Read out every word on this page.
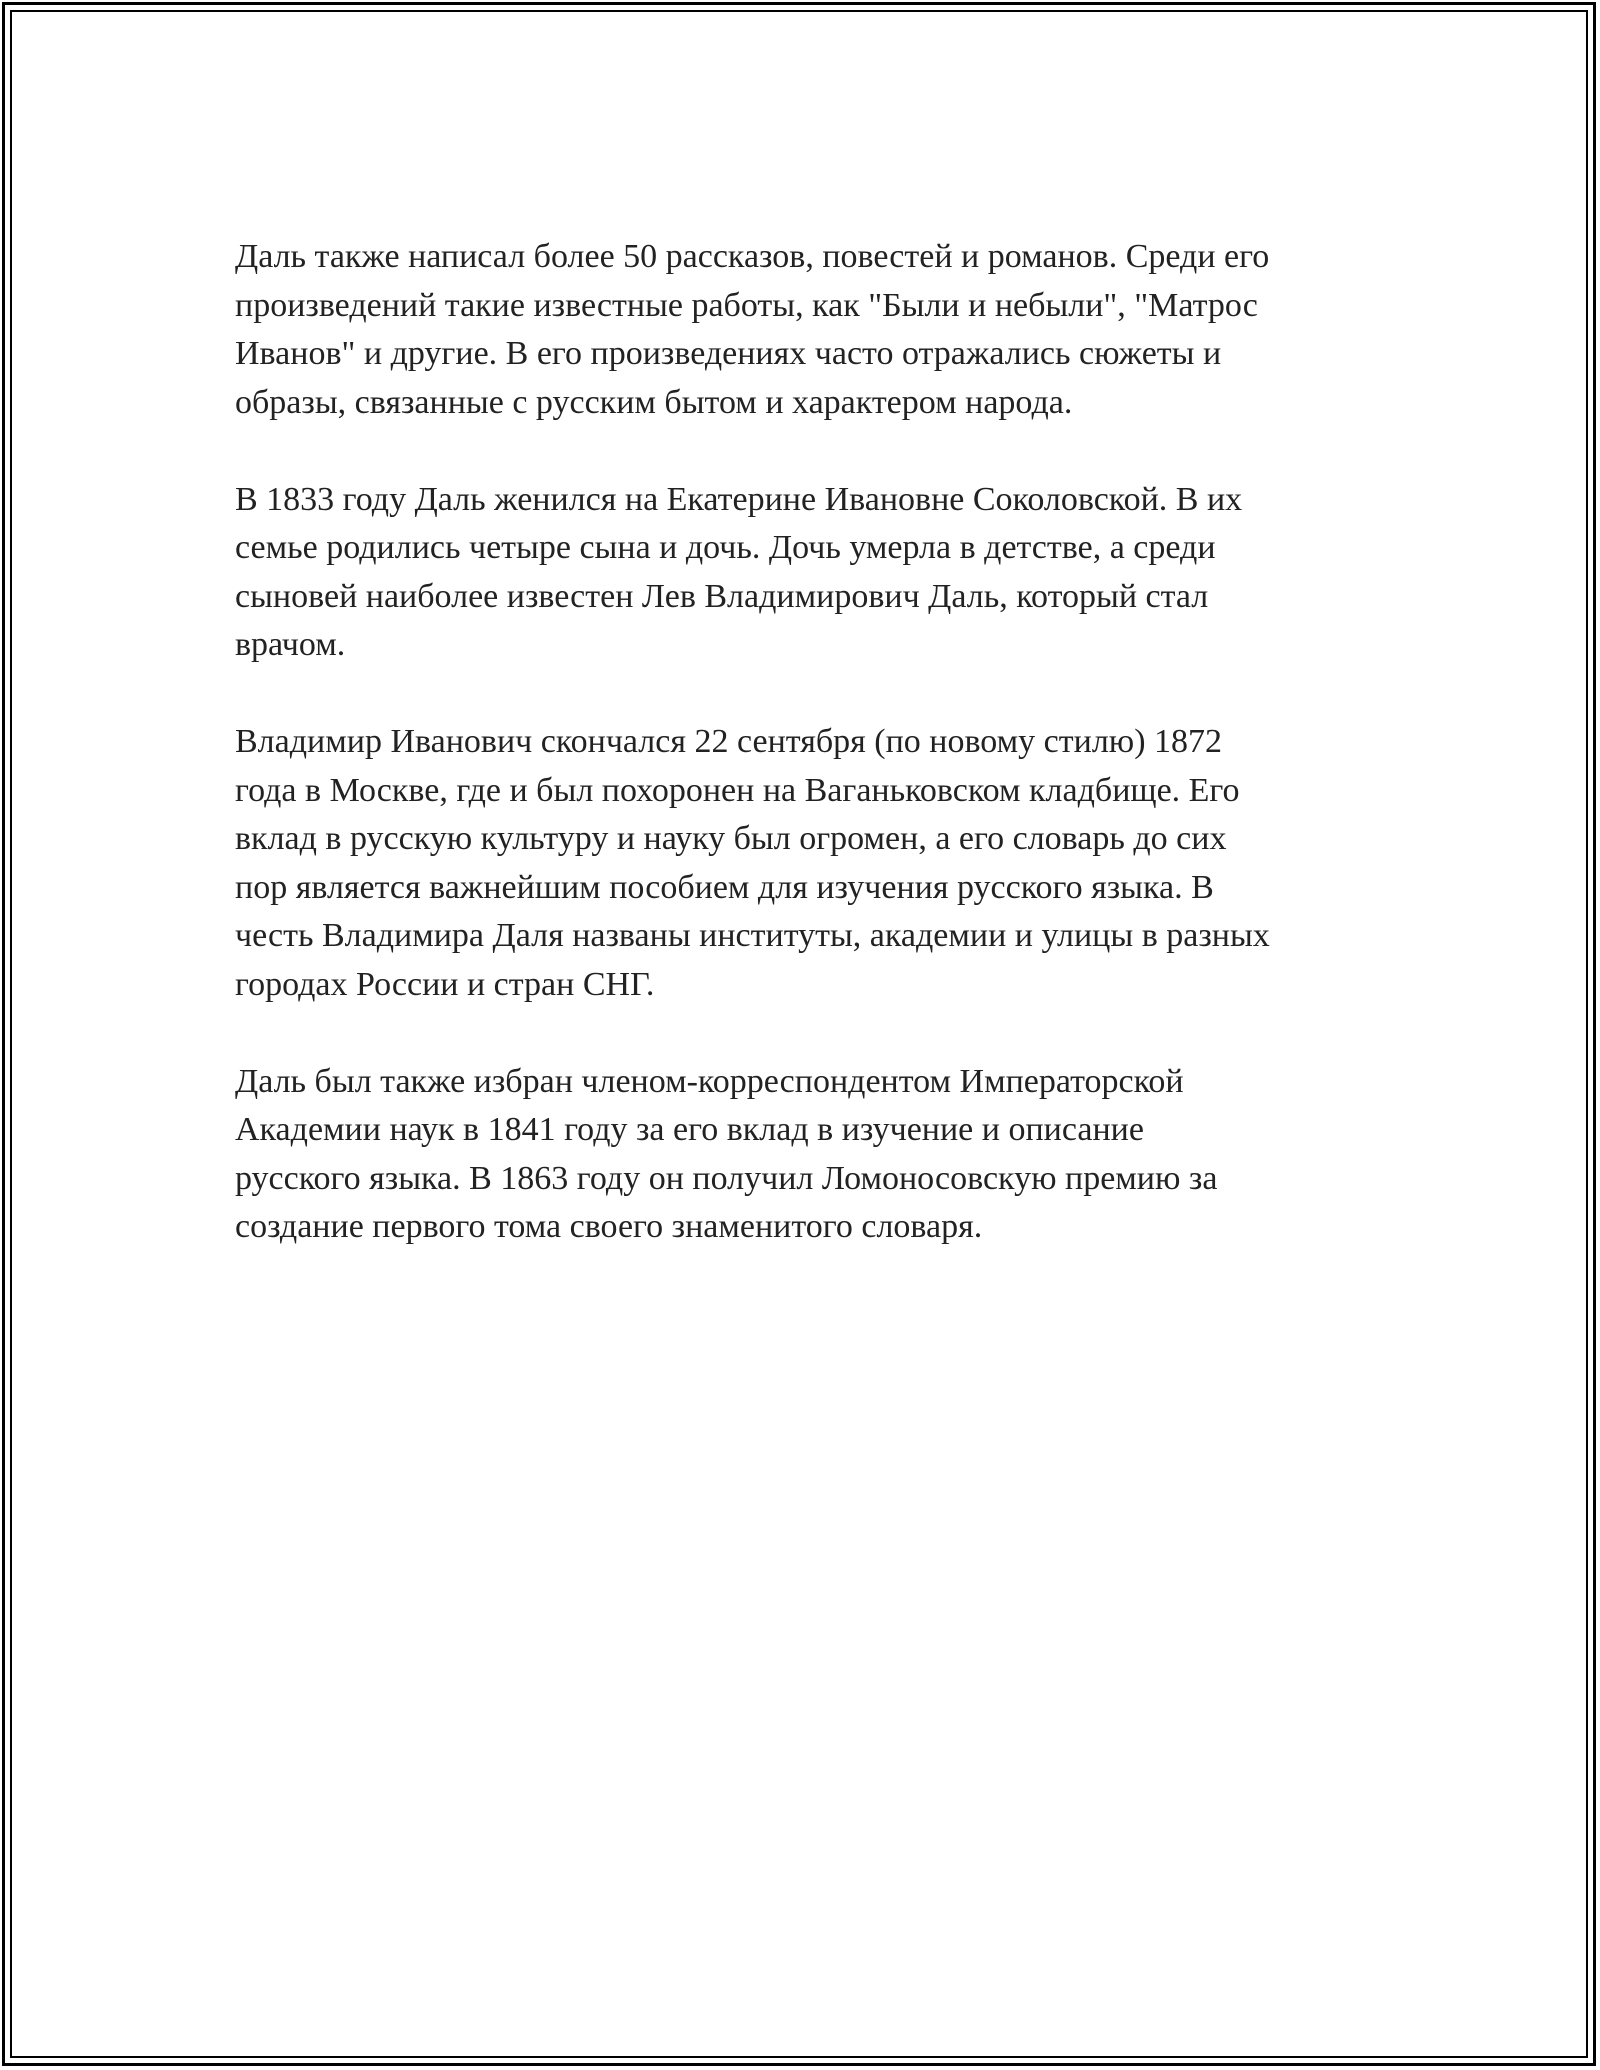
Даль также написал более 50 рассказов, повестей и романов. Среди его
произведений такие известные работы, как "Были и небыли", "Матрос
Иванов" и другие. В его произведениях часто отражались сюжеты и
образы, связанные с русским бытом и характером народа.

В 1833 году Даль женился на Екатерине Ивановне Соколовской. В их
семье родились четыре сына и дочь. Дочь умерла в детстве, а среди
сыновей наиболее известен Лев Владимирович Даль, который стал
врачом.

Владимир Иванович скончался 22 сентября (по новому стилю) 1872
года в Москве, где и был похоронен на Ваганьковском кладбище. Его
вклад в русскую культуру и науку был огромен, а его словарь до сих
пор является важнейшим пособием для изучения русского языка. В
честь Владимира Даля названы институты, академии и улицы в разных
городах России и стран СНГ.

Даль был также избран членом-корреспондентом Императорской
Академии наук в 1841 году за его вклад в изучение и описание
русского языка. В 1863 году он получил Ломоносовскую премию за
создание первого тома своего знаменитого словаря.
